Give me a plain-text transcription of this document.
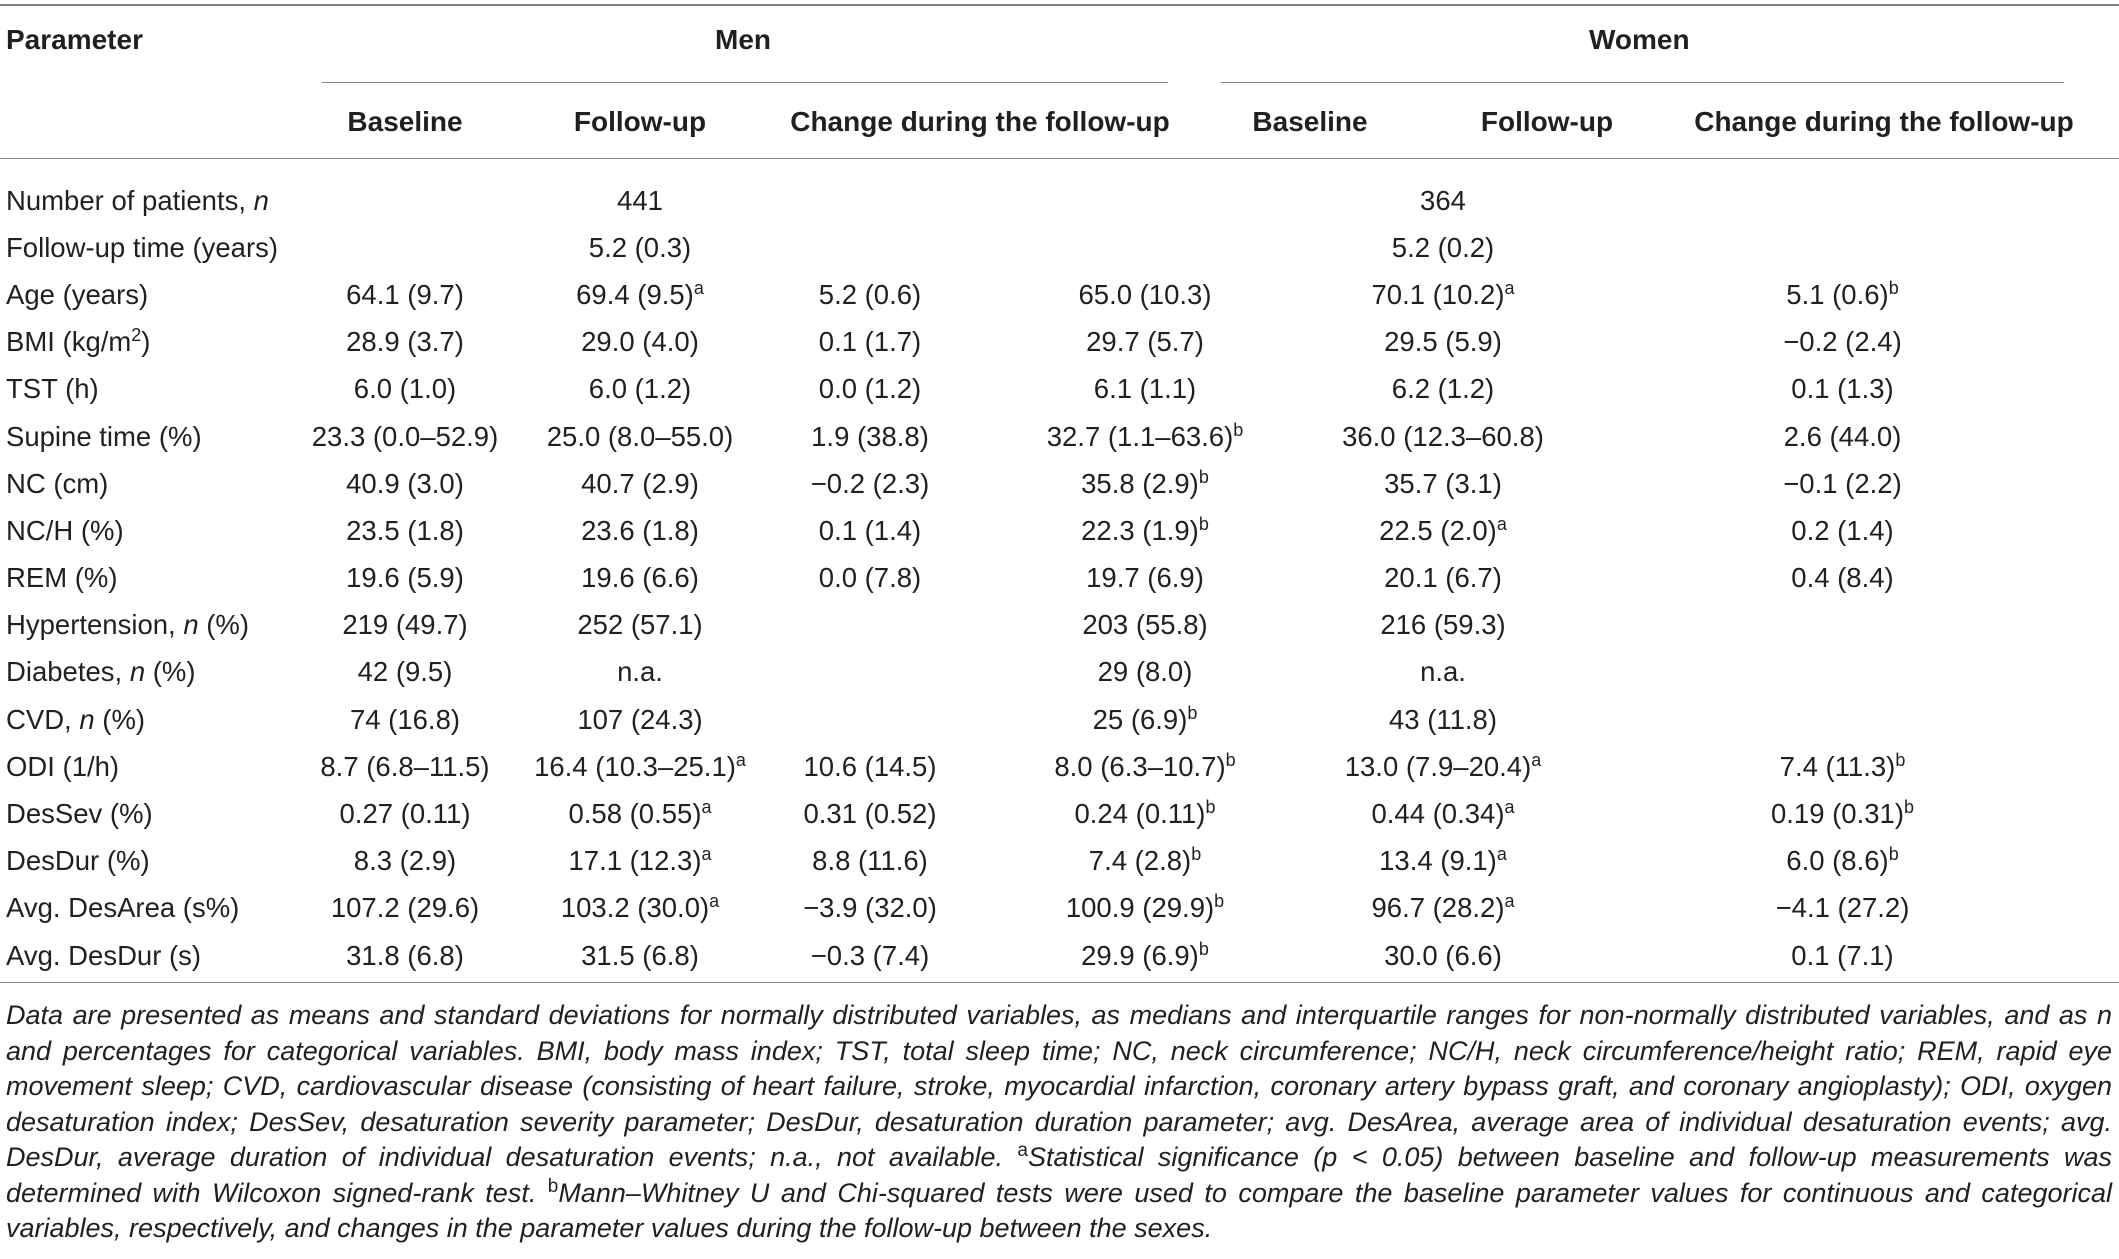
Parameter	Men	Women
Baseline	Follow-up	Change during the follow-up	Baseline	Follow-up	Change during the follow-up
Number of patients, n		441			364	
Follow-up time (years)		5.2 (0.3)			5.2 (0.2)	
Age (years)	64.1 (9.7)	69.4 $(9.5)^a$	5.2 (0.6)	65.0 (10.3)	70.1 $(10.2)^a$	5.1 $(0.6)^b$
BMI $(kg/m^2)$	28.9 (3.7)	29.0 (4.0)	0.1 (1.7)	29.7 (5.7)	29.5 (5.9)	−0.2 (2.4)
TST (h)	6.0 (1.0)	6.0 (1.2)	0.0 (1.2)	6.1 (1.1)	6.2 (1.2)	0.1 (1.3)
Supine time (%)	23.3 (0.0–52.9)	25.0 (8.0–55.0)	1.9 (38.8)	32.7 $(1.1-63.6)^b$	36.0 (12.3–60.8)	2.6 (44.0)
NC (cm)	40.9 (3.0)	40.7 (2.9)	−0.2 (2.3)	35.8 $(2.9)^b$	35.7 (3.1)	−0.1 (2.2)
NC/H (%)	23.5 (1.8)	23.6 (1.8)	0.1 (1.4)	22.3 $(1.9)^b$	22.5 $(2.0)^a$	0.2 (1.4)
REM (%)	19.6 (5.9)	19.6 (6.6)	0.0 (7.8)	19.7 (6.9)	20.1 (6.7)	0.4 (8.4)
Hypertension, n (%)	219 (49.7)	252 (57.1)		203 (55.8)	216 (59.3)	
Diabetes, n (%)	42 (9.5)	n.a.		29 (8.0)	n.a.	
CVD, n (%)	74 (16.8)	107 (24.3)		25 $(6.9)^b$	43 (11.8)	
ODI (1/h)	8.7 (6.8–11.5)	16.4 $(10.3-25.1)^a$	10.6 (14.5)	8.0 $(6.3-10.7)^b$	13.0 $(7.9-20.4)^a$	7.4 $(11.3)^b$
DesSev (%)	0.27 (0.11)	0.58 $(0.55)^a$	0.31 (0.52)	0.24 $(0.11)^b$	0.44 $(0.34)^a$	0.19 $(0.31)^b$
DesDur (%)	8.3 (2.9)	17.1 $(12.3)^a$	8.8 (11.6)	7.4 $(2.8)^b$	13.4 $(9.1)^a$	6.0 $(8.6)^b$
Avg. DesArea (s%)	107.2 (29.6)	103.2 $(30.0)^a$	−3.9 (32.0)	100.9 $(29.9)^b$	96.7 $(28.2)^a$	−4.1 (27.2)
Avg. DesDur (s)	31.8 (6.8)	31.5 (6.8)	−0.3 (7.4)	29.9 $(6.9)^b$	30.0 (6.6)	0.1 (7.1)

Data are presented as means and standard deviations for normally distributed variables, as medians and interquartile ranges for non-normally distributed variables, and as n and percentages for categorical variables. BMI, body mass index; TST, total sleep time; NC, neck circumference; NC/H, neck circumference/height ratio; REM, rapid eye movement sleep; CVD, cardiovascular disease (consisting of heart failure, stroke, myocardial infarction, coronary artery bypass graft, and coronary angioplasty); ODI, oxygen desaturation index; DesSev, desaturation severity parameter; DesDur, desaturation duration parameter; avg. DesArea, average area of individual desaturation events; avg. DesDur, average duration of individual desaturation events; n.a., not available. $^a$Statistical significance (p < 0.05) between baseline and follow-up measurements was determined with Wilcoxon signed-rank test. $^b$Mann–Whitney U and Chi-squared tests were used to compare the baseline parameter values for continuous and categorical variables, respectively, and changes in the parameter values during the follow-up between the sexes.
